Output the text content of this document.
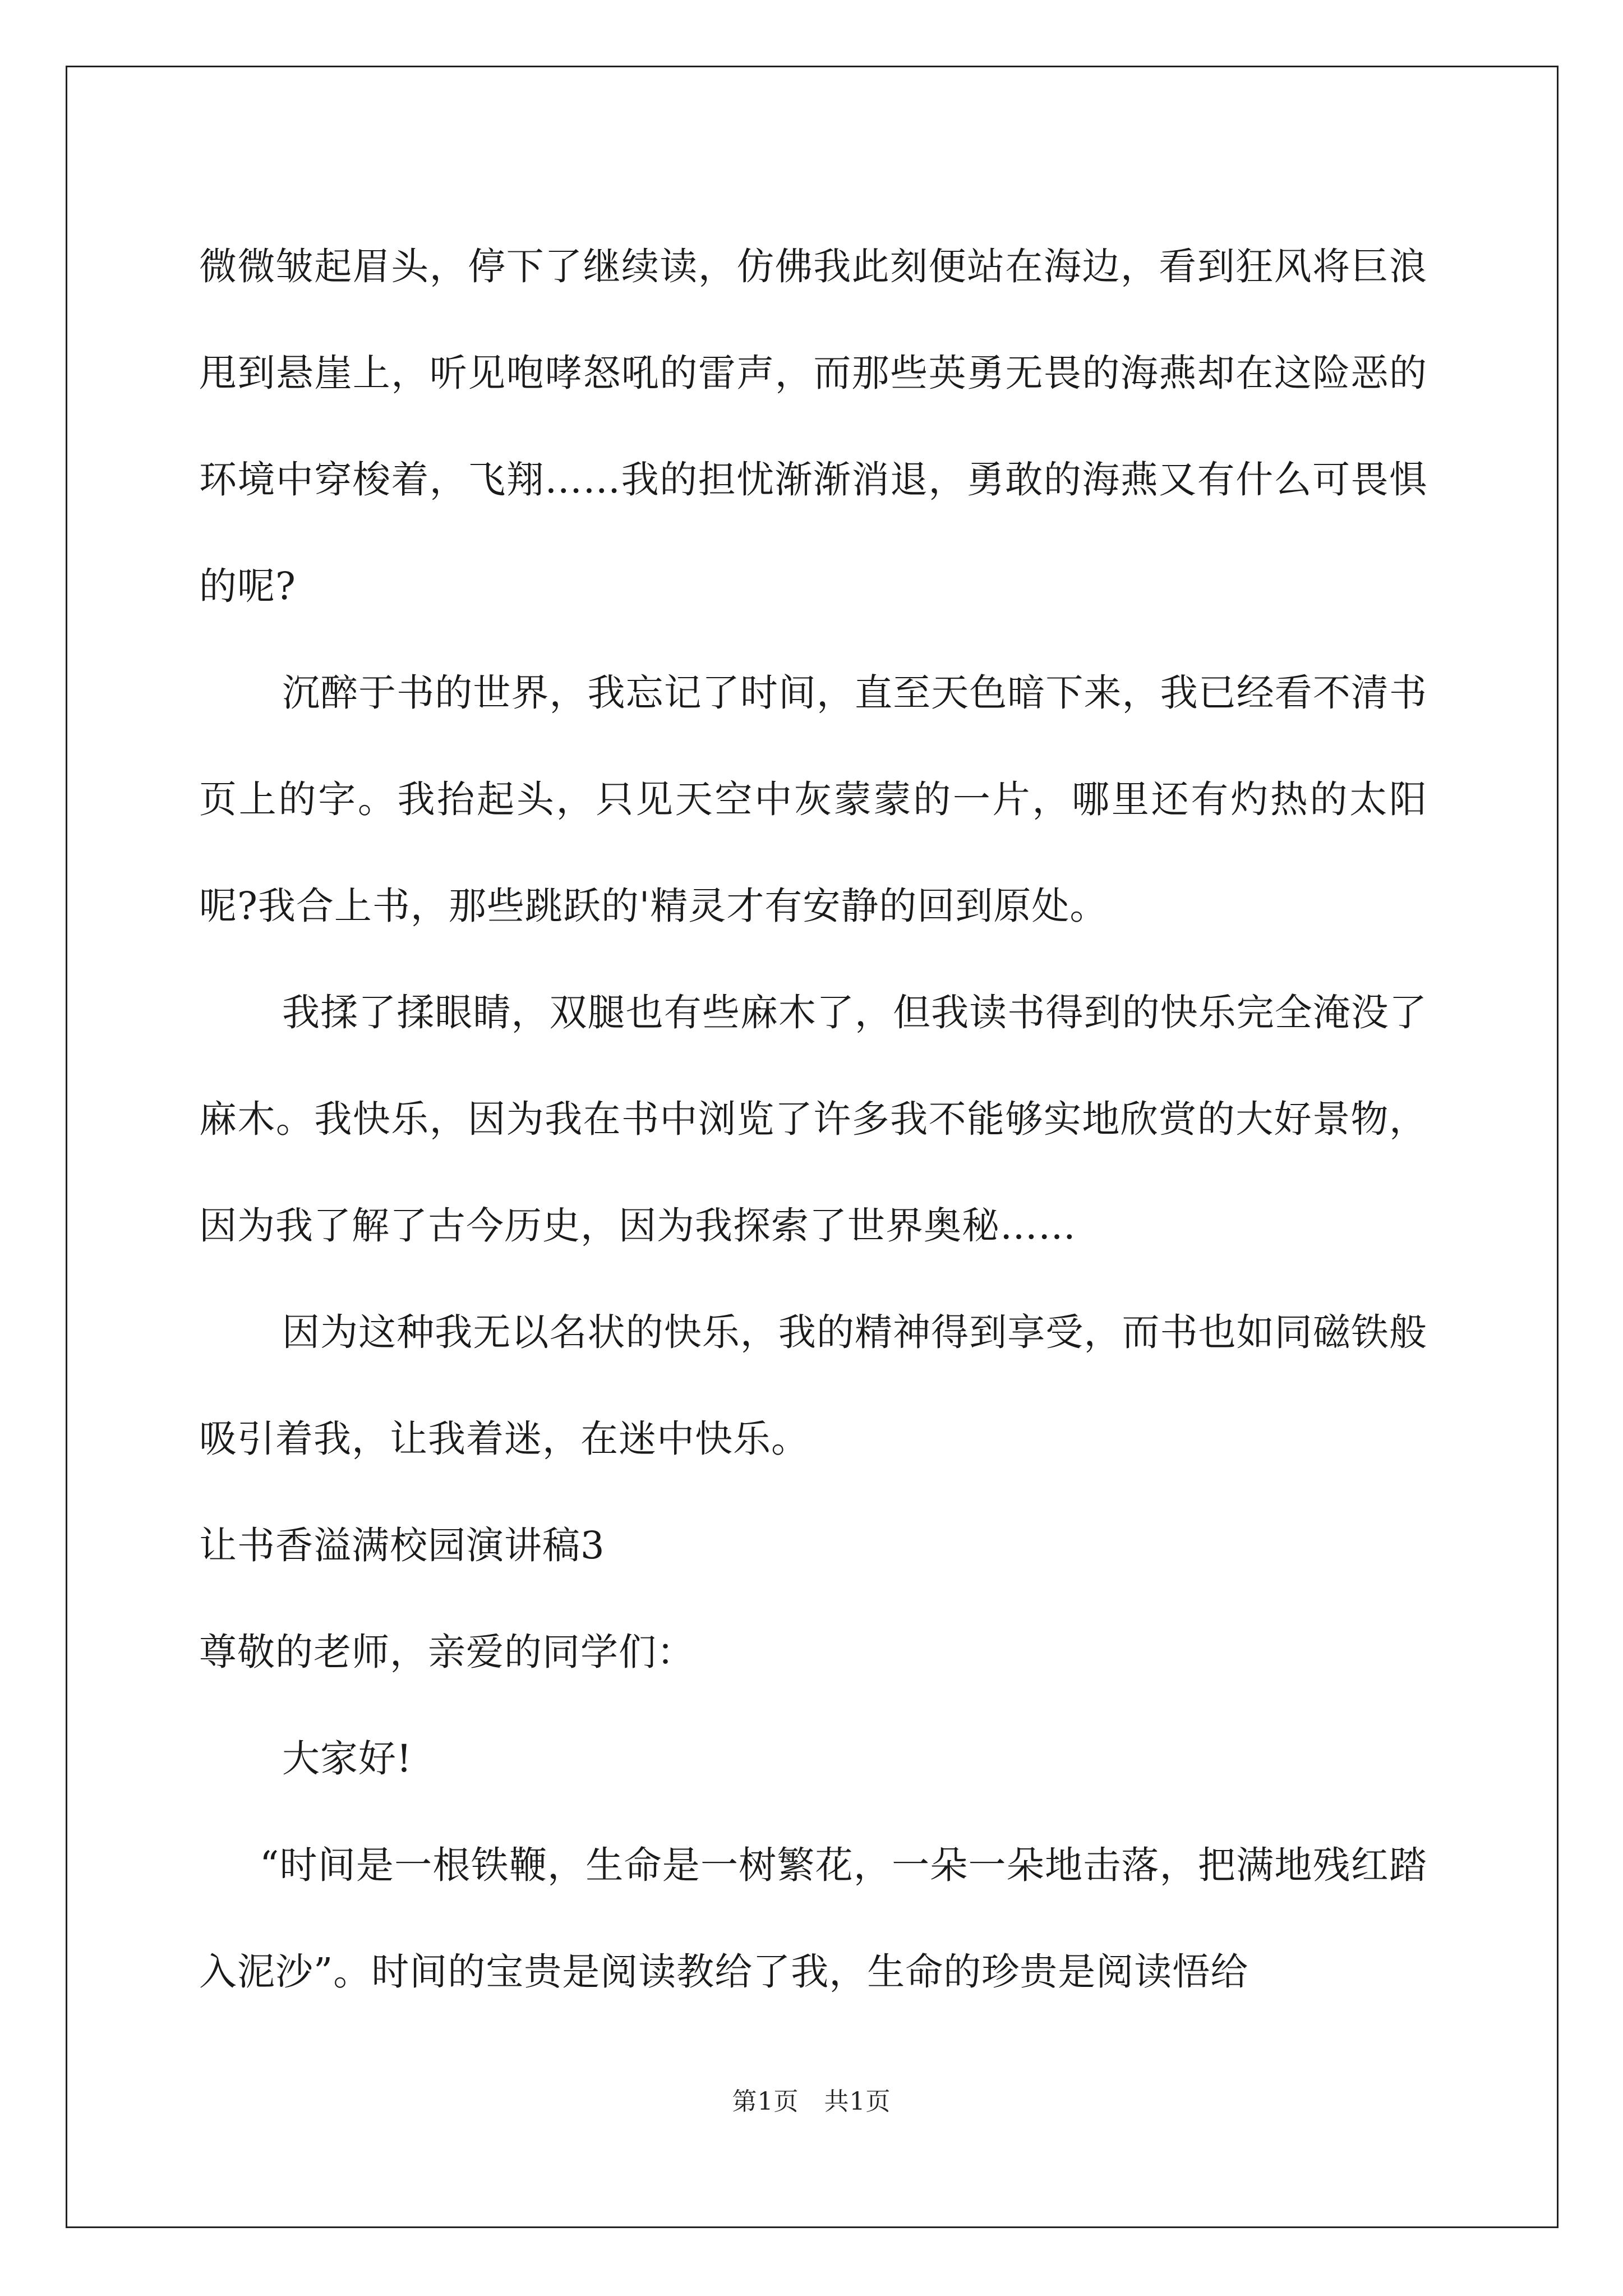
微微皱起眉头，停下了继续读，仿佛我此刻便站在海边，看到狂风将巨浪甩到悬崖上，听见咆哮怒吼的雷声，而那些英勇无畏的海燕却在这险恶的环境中穿梭着，飞翔……我的担忧渐渐消退，勇敢的海燕又有什么可畏惧的呢?

沉醉于书的世界，我忘记了时间，直至天色暗下来，我已经看不清书页上的字。我抬起头，只见天空中灰蒙蒙的一片，哪里还有灼热的太阳呢?我合上书，那些跳跃的'精灵才有安静的回到原处。

我揉了揉眼睛，双腿也有些麻木了，但我读书得到的快乐完全淹没了麻木。我快乐，因为我在书中浏览了许多我不能够实地欣赏的大好景物，因为我了解了古今历史，因为我探索了世界奥秘……

因为这种我无以名状的快乐，我的精神得到享受，而书也如同磁铁般吸引着我，让我着迷，在迷中快乐。

让书香溢满校园演讲稿3

尊敬的老师，亲爱的同学们：

大家好!

“时间是一根铁鞭，生命是一树繁花，一朵一朵地击落，把满地残红踏入泥沙”。时间的宝贵是阅读教给了我，生命的珍贵是阅读悟给

第1页　共1页
